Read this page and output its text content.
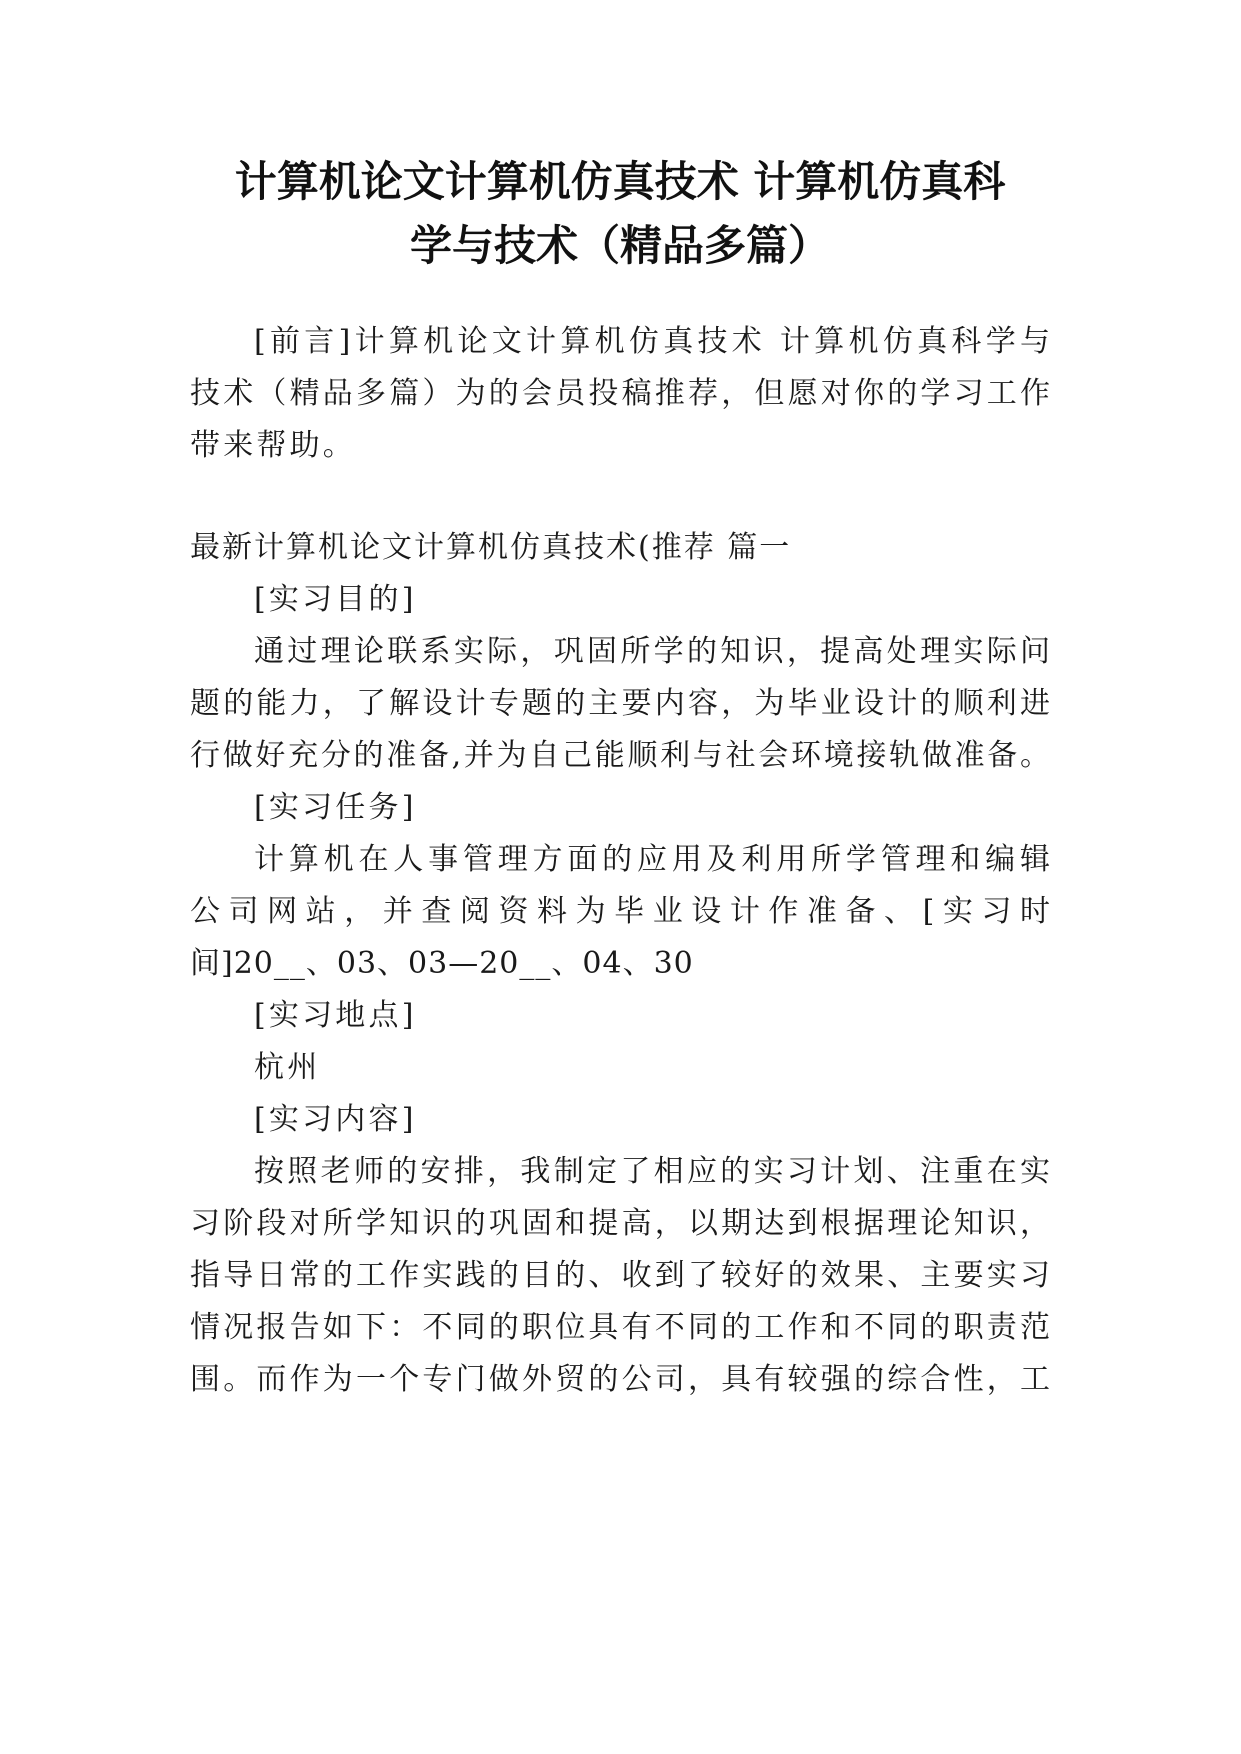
计算机论文计算机仿真技术 计算机仿真科
学与技术（精品多篇）
[前言]计算机论文计算机仿真技术 计算机仿真科学与
技术（精品多篇）为的会员投稿推荐，但愿对你的学习工作
带来帮助。
最新计算机论文计算机仿真技术(推荐 篇一
[实习目的]
通过理论联系实际，巩固所学的知识，提高处理实际问
题的能力，了解设计专题的主要内容，为毕业设计的顺利进
行做好充分的准备,并为自己能顺利与社会环境接轨做准备。
[实习任务]
计算机在人事管理方面的应用及利用所学管理和编辑
公司网站，并查阅资料为毕业设计作准备、[实习时
间]20__、03、03—20__、04、30
[实习地点]
杭州
[实习内容]
按照老师的安排，我制定了相应的实习计划、注重在实
习阶段对所学知识的巩固和提高，以期达到根据理论知识，
指导日常的工作实践的目的、收到了较好的效果、主要实习
情况报告如下：不同的职位具有不同的工作和不同的职责范
围。而作为一个专门做外贸的公司，具有较强的综合性，工
